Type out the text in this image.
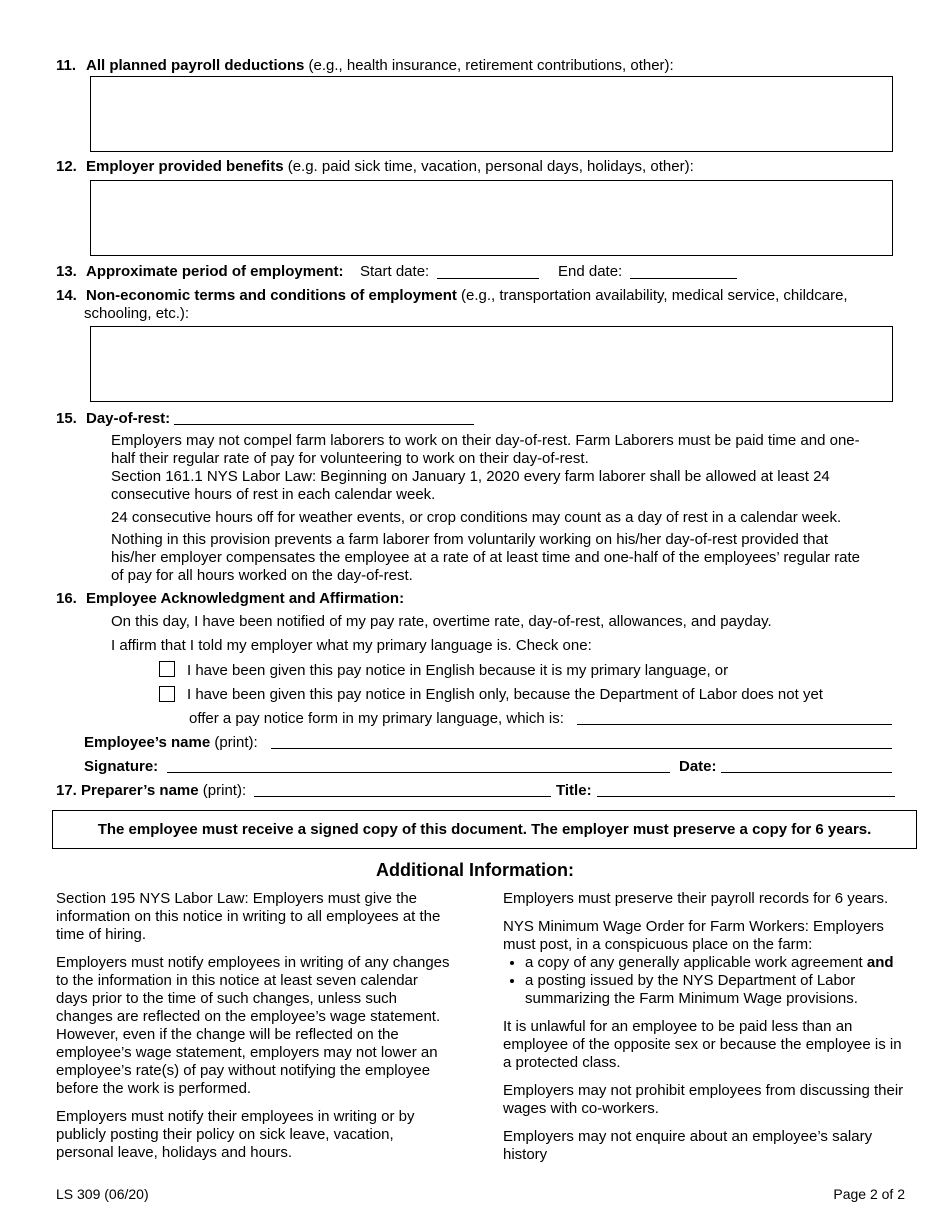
11. All planned payroll deductions (e.g., health insurance, retirement contributions, other):
12. Employer provided benefits (e.g. paid sick time, vacation, personal days, holidays, other):
13. Approximate period of employment: Start date:	End date:
14. Non-economic terms and conditions of employment (e.g., transportation availability, medical service, childcare,
schooling, etc.):
15. Day-of-rest:
Employers may not compel farm laborers to work on their day-of-rest. Farm Laborers must be paid time and one-half their regular rate of pay for volunteering to work on their day-of-rest.
Section 161.1 NYS Labor Law: Beginning on January 1, 2020 every farm laborer shall be allowed at least 24 consecutive hours of rest in each calendar week.
24 consecutive hours off for weather events, or crop conditions may count as a day of rest in a calendar week.
Nothing in this provision prevents a farm laborer from voluntarily working on his/her day-of-rest provided that his/her employer compensates the employee at a rate of at least time and one-half of the employees’ regular rate of pay for all hours worked on the day-of-rest.
16. Employee Acknowledgment and Affirmation:
On this day, I have been notified of my pay rate, overtime rate, day-of-rest, allowances, and payday.
I affirm that I told my employer what my primary language is. Check one:
I have been given this pay notice in English because it is my primary language, or
I have been given this pay notice in English only, because the Department of Labor does not yet
offer a pay notice form in my primary language, which is:
Employee’s name (print):
Signature:	Date:
17. Preparer’s name (print):	Title:
The employee must receive a signed copy of this document. The employer must preserve a copy for 6 years.
Additional Information:

Section 195 NYS Labor Law: Employers must give the information on this notice in writing to all employees at the time of hiring.

Employers must notify employees in writing of any changes to the information in this notice at least seven calendar days prior to the time of such changes, unless such changes are reflected on the employee’s wage statement. However, even if the change will be reflected on the employee’s wage statement, employers may not lower an employee’s rate(s) of pay without notifying the employee before the work is performed.

Employers must notify their employees in writing or by publicly posting their policy on sick leave, vacation, personal leave, holidays and hours.

Employers must preserve their payroll records for 6 years.

NYS Minimum Wage Order for Farm Workers: Employers must post, in a conspicuous place on the farm:

• a copy of any generally applicable work agreement and
• a posting issued by the NYS Department of Labor summarizing the Farm Minimum Wage provisions.

It is unlawful for an employee to be paid less than an employee of the opposite sex or because the employee is in a protected class.

Employers may not prohibit employees from discussing their wages with co-workers.

Employers may not enquire about an employee’s salary history

LS 309 (06/20)	Page 2 of 2
